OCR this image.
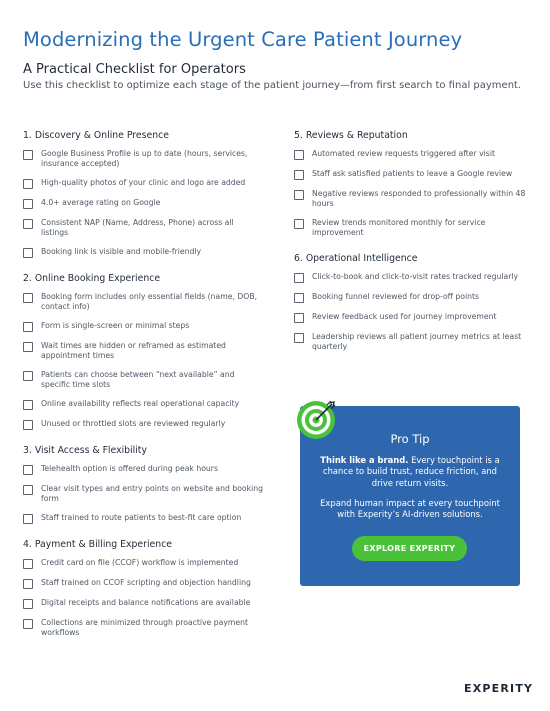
Modernizing the Urgent Care Patient Journey
A Practical Checklist for Operators
Use this checklist to optimize each stage of the patient journey—from first search to final payment.
1. Discovery & Online Presence
Google Business Profile is up to date (hours, services, insurance accepted)
High-quality photos of your clinic and logo are added
4.0+ average rating on Google
Consistent NAP (Name, Address, Phone) across all listings
Booking link is visible and mobile-friendly
2. Online Booking Experience
Booking form includes only essential fields (name, DOB, contact info)
Form is single-screen or minimal steps
Wait times are hidden or reframed as estimated appointment times
Patients can choose between “next available” and specific time slots
Online availability reflects real operational capacity
Unused or throttled slots are reviewed regularly
3. Visit Access & Flexibility
Telehealth option is offered during peak hours
Clear visit types and entry points on website and booking form
Staff trained to route patients to best-fit care option
4. Payment & Billing Experience
Credit card on file (CCOF) workflow is implemented
Staff trained on CCOF scripting and objection handling
Digital receipts and balance notifications are available
Collections are minimized through proactive payment workflows
5. Reviews & Reputation
Automated review requests triggered after visit
Staff ask satisfied patients to leave a Google review
Negative reviews responded to professionally within 48 hours
Review trends monitored monthly for service improvement
6. Operational Intelligence
Click-to-book and click-to-visit rates tracked regularly
Booking funnel reviewed for drop-off points
Review feedback used for journey improvement
Leadership reviews all patient journey metrics at least quarterly
Pro Tip
Think like a brand. Every touchpoint is a chance to build trust, reduce friction, and drive return visits.
Expand human impact at every touchpoint with Experity’s AI-driven solutions.
EXPLORE EXPERITY
EXPERITY
